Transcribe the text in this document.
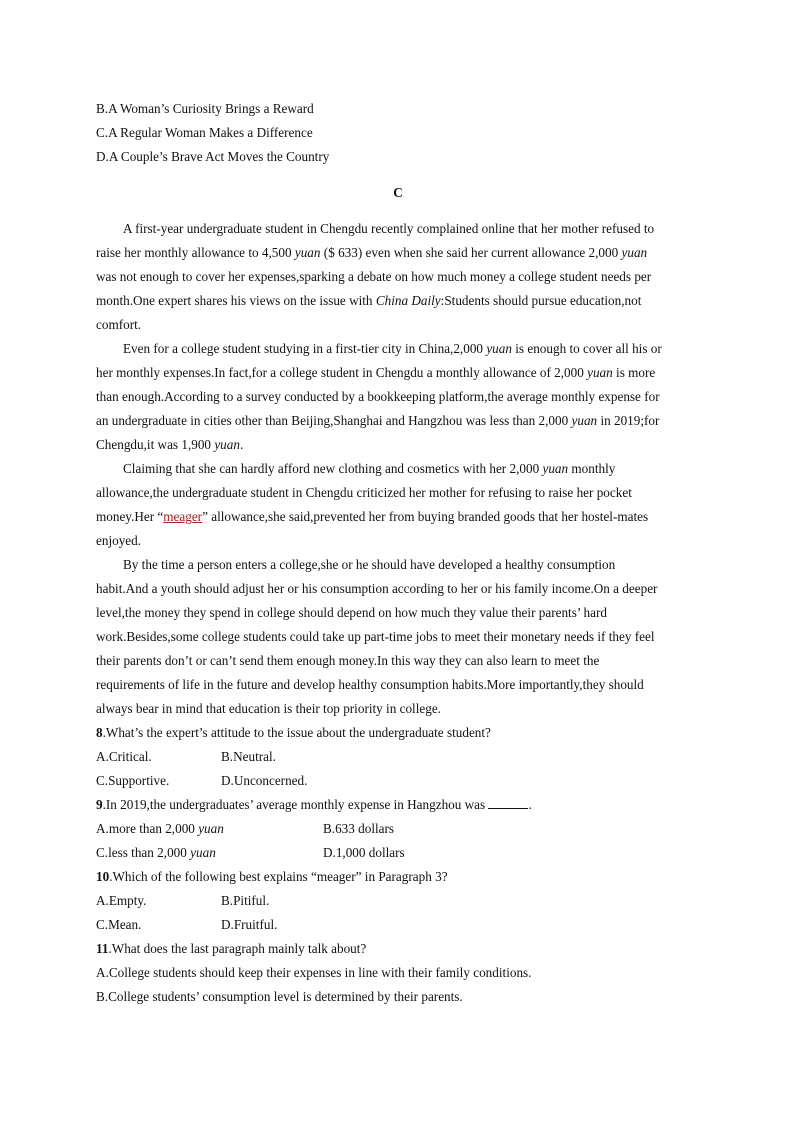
B.A Woman’s Curiosity Brings a Reward
C.A Regular Woman Makes a Difference
D.A Couple’s Brave Act Moves the Country
C
A first-year undergraduate student in Chengdu recently complained online that her mother refused to
raise her monthly allowance to 4,500 yuan ($ 633) even when she said her current allowance 2,000 yuan
was not enough to cover her expenses,sparking a debate on how much money a college student needs per
month.One expert shares his views on the issue with China Daily:Students should pursue education,not
comfort.
Even for a college student studying in a first-tier city in China,2,000 yuan is enough to cover all his or
her monthly expenses.In fact,for a college student in Chengdu a monthly allowance of 2,000 yuan is more
than enough.According to a survey conducted by a bookkeeping platform,the average monthly expense for
an undergraduate in cities other than Beijing,Shanghai and Hangzhou was less than 2,000 yuan in 2019;for
Chengdu,it was 1,900 yuan.
Claiming that she can hardly afford new clothing and cosmetics with her 2,000 yuan monthly
allowance,the undergraduate student in Chengdu criticized her mother for refusing to raise her pocket
money.Her “meager” allowance,she said,prevented her from buying branded goods that her hostel-mates
enjoyed.
By the time a person enters a college,she or he should have developed a healthy consumption
habit.And a youth should adjust her or his consumption according to her or his family income.On a deeper
level,the money they spend in college should depend on how much they value their parents’ hard
work.Besides,some college students could take up part-time jobs to meet their monetary needs if they feel
their parents don’t or can’t send them enough money.In this way they can also learn to meet the
requirements of life in the future and develop healthy consumption habits.More importantly,they should
always bear in mind that education is their top priority in college.
8.What’s the expert’s attitude to the issue about the undergraduate student?
A.Critical.	B.Neutral.
C.Supportive.	D.Unconcerned.
9.In 2019,the undergraduates’ average monthly expense in Hangzhou was	.
A.more than 2,000 yuan	B.633 dollars
C.less than 2,000 yuan	D.1,000 dollars
10.Which of the following best explains “meager” in Paragraph 3?
A.Empty.	B.Pitiful.
C.Mean.	D.Fruitful.
11.What does the last paragraph mainly talk about?
A.College students should keep their expenses in line with their family conditions.
B.College students’ consumption level is determined by their parents.
